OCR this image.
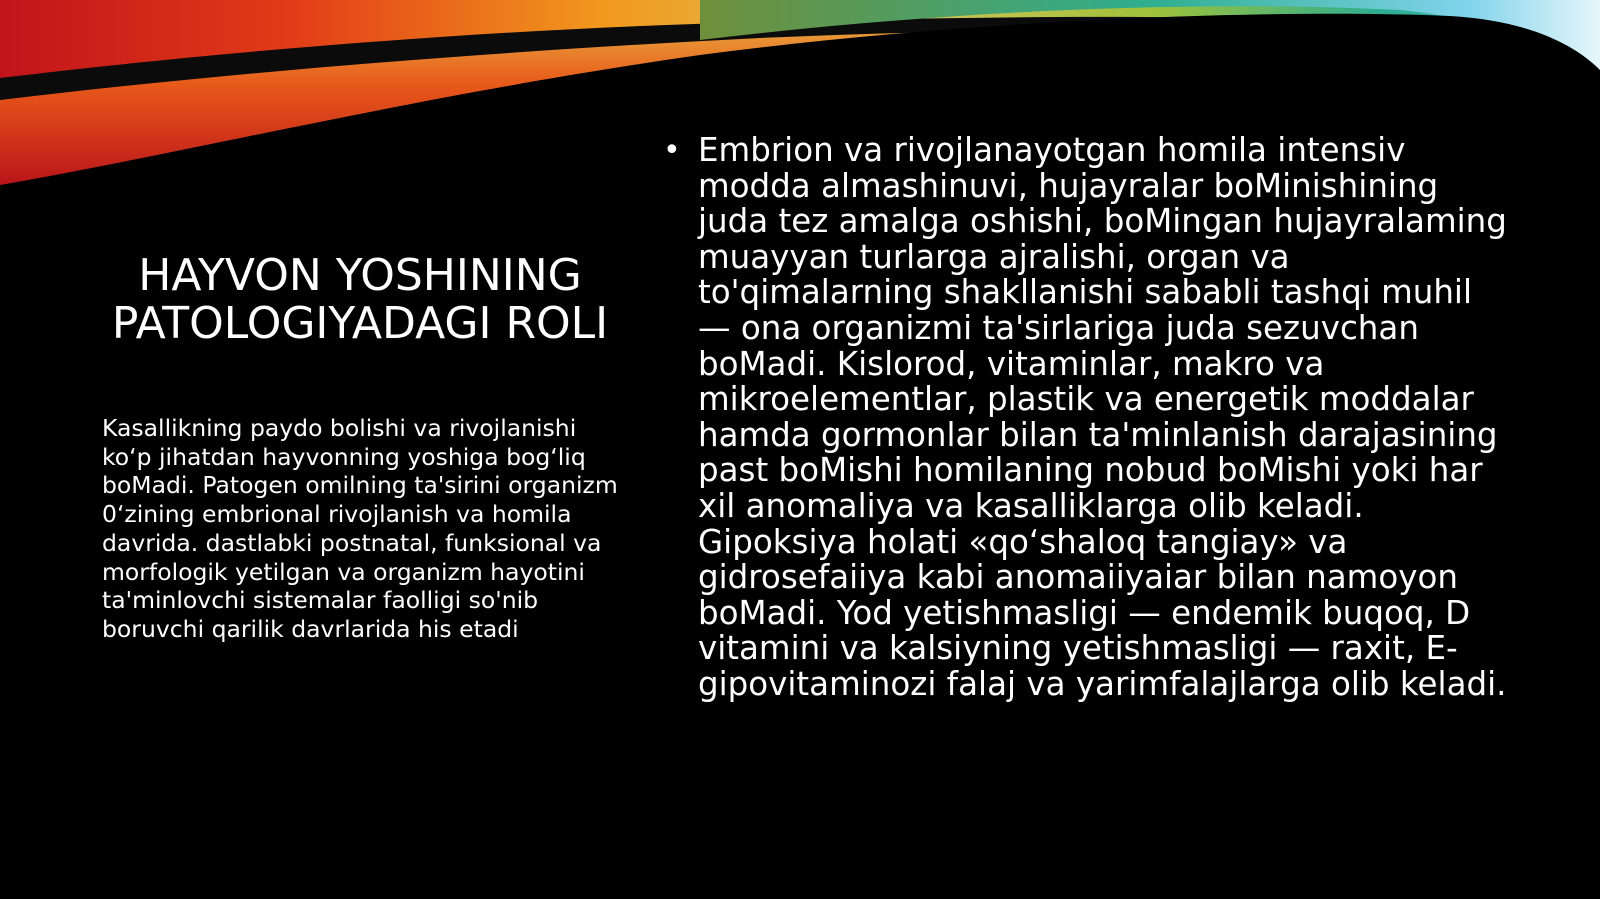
HAYVON YOSHINING PATOLOGIYADAGI ROLI

Kasallikning paydo bolishi va rivojlanishi ko‘p jihatdan hayvonning yoshiga bog‘liq boMadi. Patogen omilning ta'sirini organizm 0‘zining embrional rivojlanish va homila davrida. dastlabki postnatal, funksional va morfologik yetilgan va organizm hayotini ta'minlovchi sistemalar faolligi so'nib boruvchi qarilik davrlarida his etadi

• Embrion va rivojlanayotgan homila intensiv modda almashinuvi, hujayralar boMinishining juda tez amalga oshishi, boMingan hujayralaming muayyan turlarga ajralishi, organ va to'qimalarning shakllanishi sababli tashqi muhil — ona organizmi ta'sirlariga juda sezuvchan boMadi. Kislorod, vitaminlar, makro va mikroelementlar, plastik va energetik moddalar hamda gormonlar bilan ta'minlanish darajasining past boMishi homilaning nobud boMishi yoki har xil anomaliya va kasalliklarga olib keladi. Gipoksiya holati «qo‘shaloq tangiay» va gidrosefaiiya kabi anomaiiyaiar bilan namoyon boMadi. Yod yetishmasligi — endemik buqoq, D vitamini va kalsiyning yetishmasligi — raxit, E-gipovitaminozi falaj va yarimfalajlarga olib keladi.
